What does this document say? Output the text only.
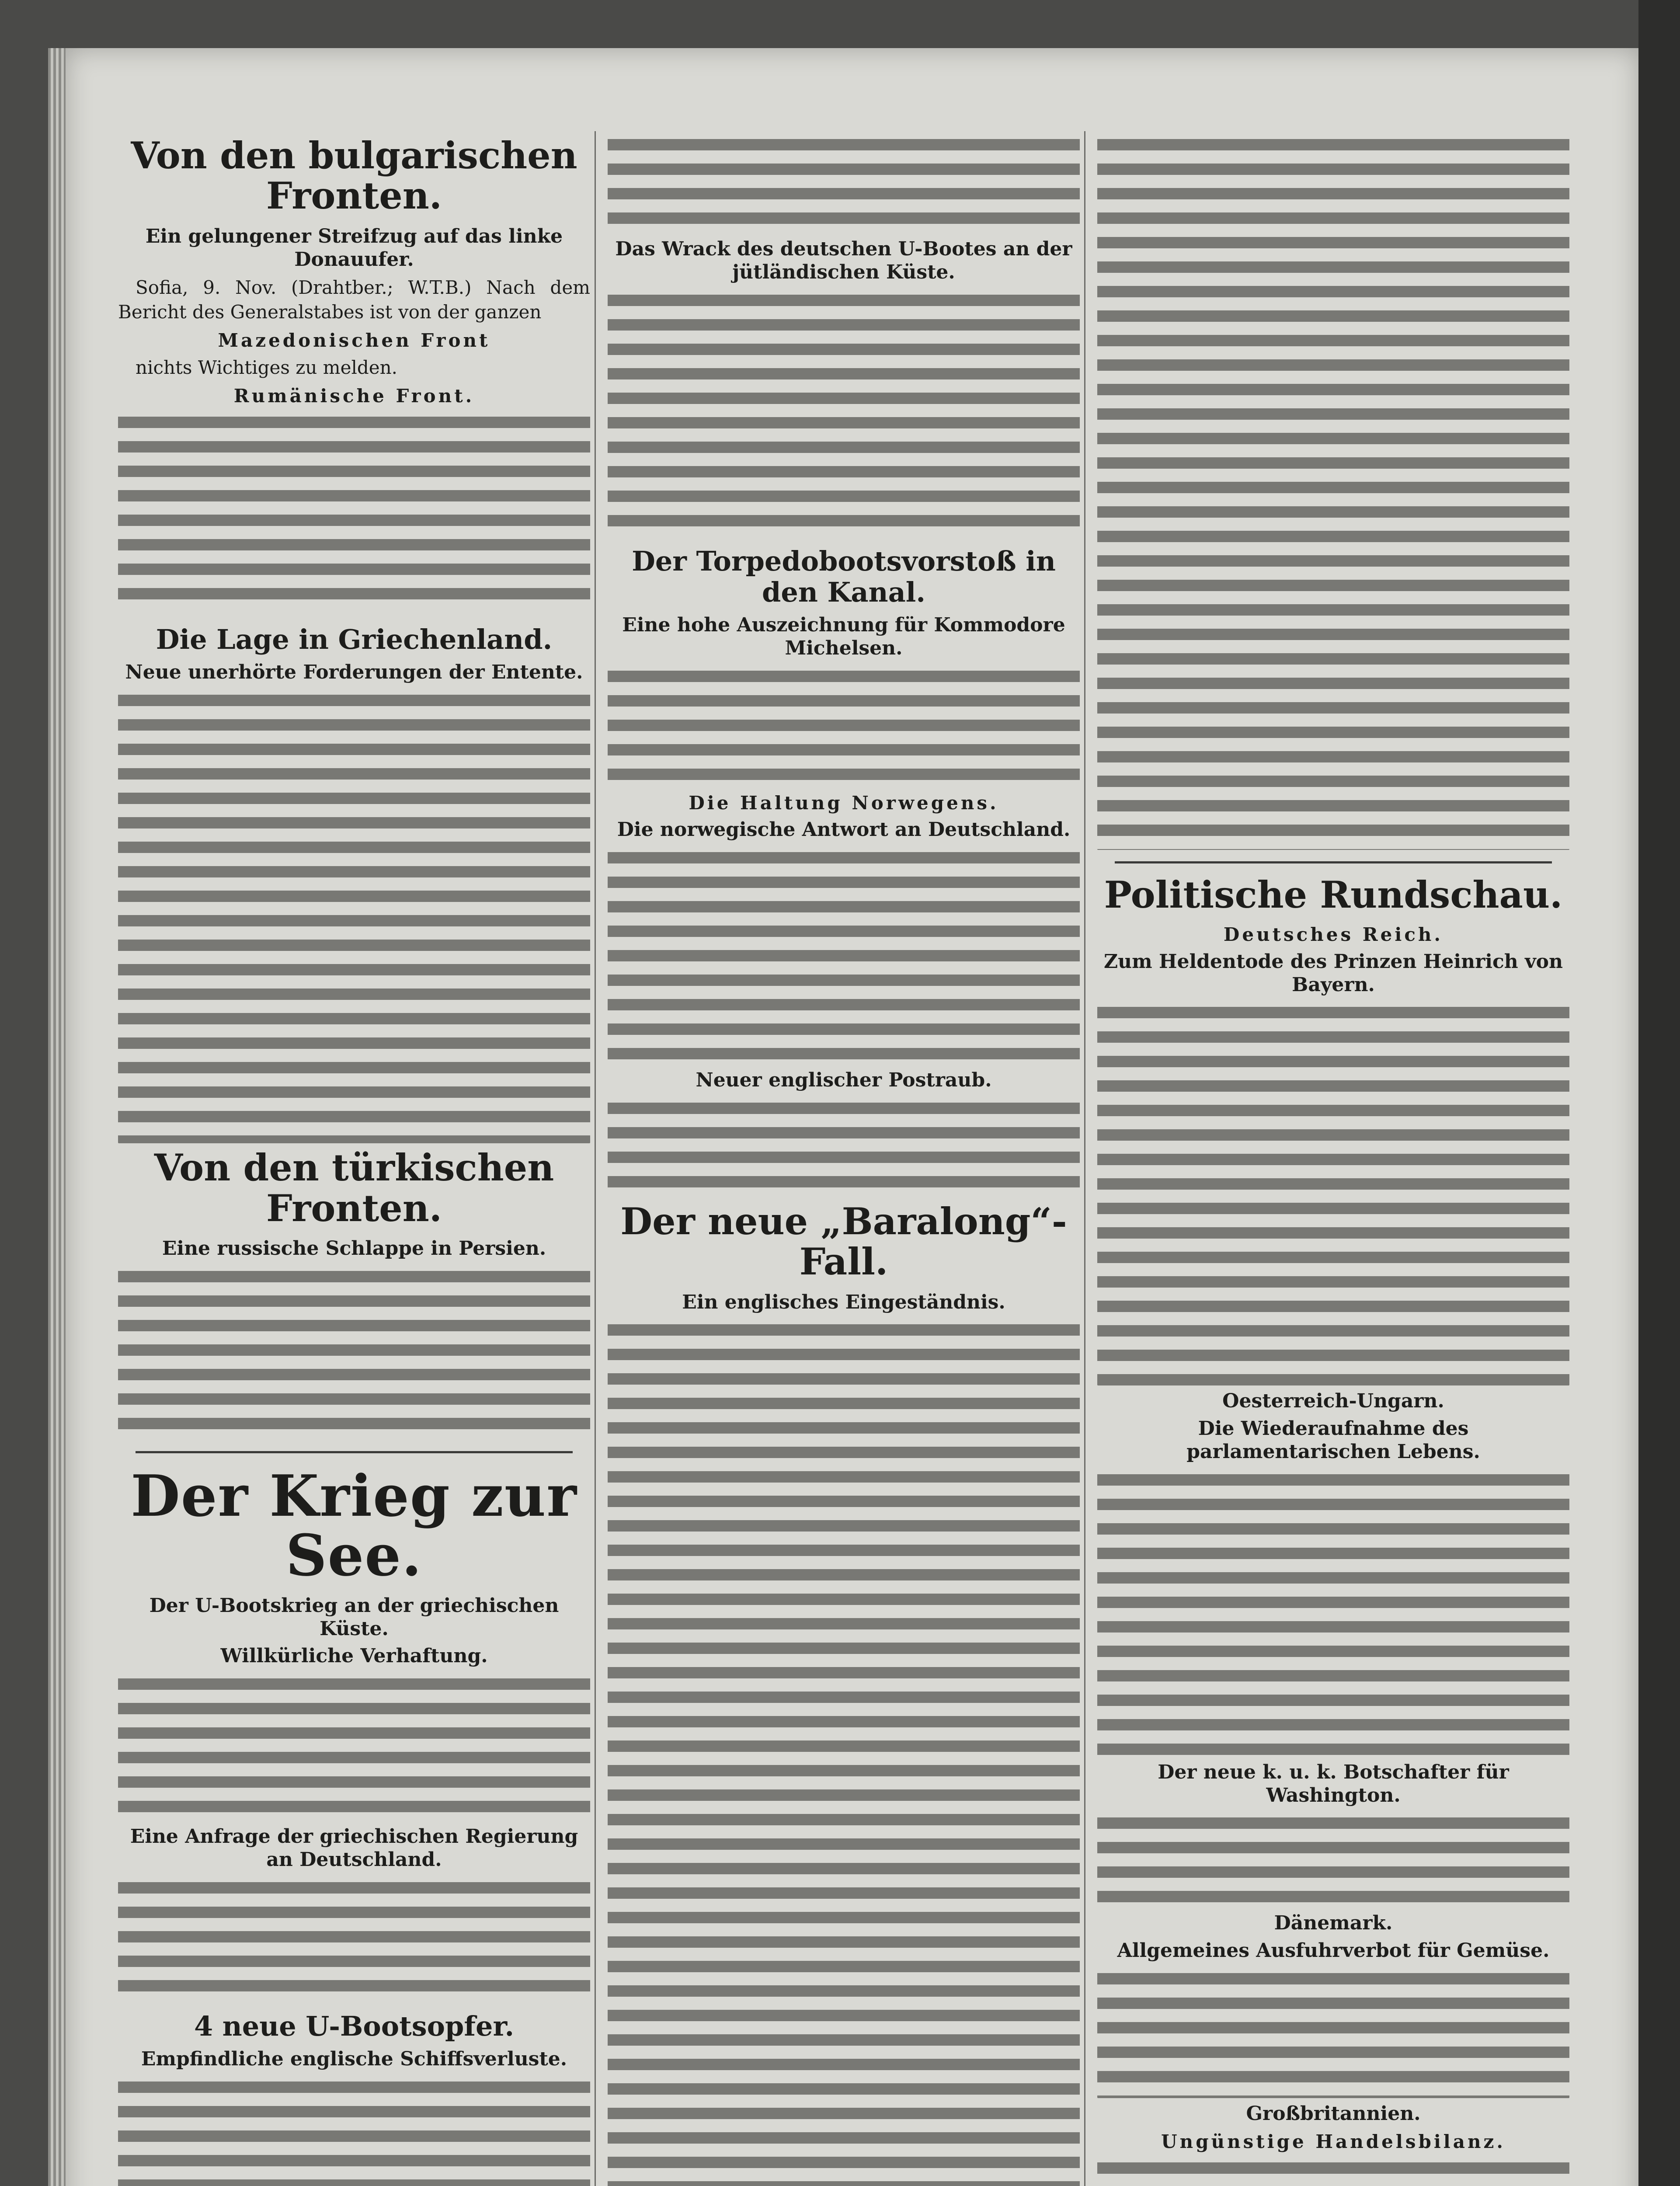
Von den bulgarischen Fronten.
Ein gelungener Streifzug auf das linke Donauufer.

Sofia, 9. Nov. (Drahtber.; W.T.B.) Nach dem Bericht des Generalstabes ist von der ganzen

Mazedonischen Front

nichts Wichtiges zu melden.

Rumänische Front.
Die Lage in Griechenland.
Neue unerhörte Forderungen der Entente.
Von den türkischen Fronten.
Eine russische Schlappe in Persien.
Der Krieg zur See.
Der U-Bootskrieg an der griechischen Küste.
Willkürliche Verhaftung.
Eine Anfrage der griechischen Regierung an Deutschland.
4 neue U-Bootsopfer.
Empfindliche englische Schiffsverluste.
Das Wrack des deutschen U-Bootes an der jütländischen Küste.
Der Torpedobootsvorstoß in den Kanal.
Eine hohe Auszeichnung für Kommodore Michelsen.
Die Haltung Norwegens.
Die norwegische Antwort an Deutschland.
Neuer englischer Postraub.
Der neue „Baralong“-Fall.
Ein englisches Eingeständnis.
Politische Rundschau.
Deutsches Reich.
Zum Heldentode des Prinzen Heinrich von Bayern.
Oesterreich-Ungarn.
Die Wiederaufnahme des parlamentarischen Lebens.
Der neue k. u. k. Botschafter für Washington.
Dänemark.
Allgemeines Ausfuhrverbot für Gemüse.
Großbritannien.
Ungünstige Handelsbilanz.
